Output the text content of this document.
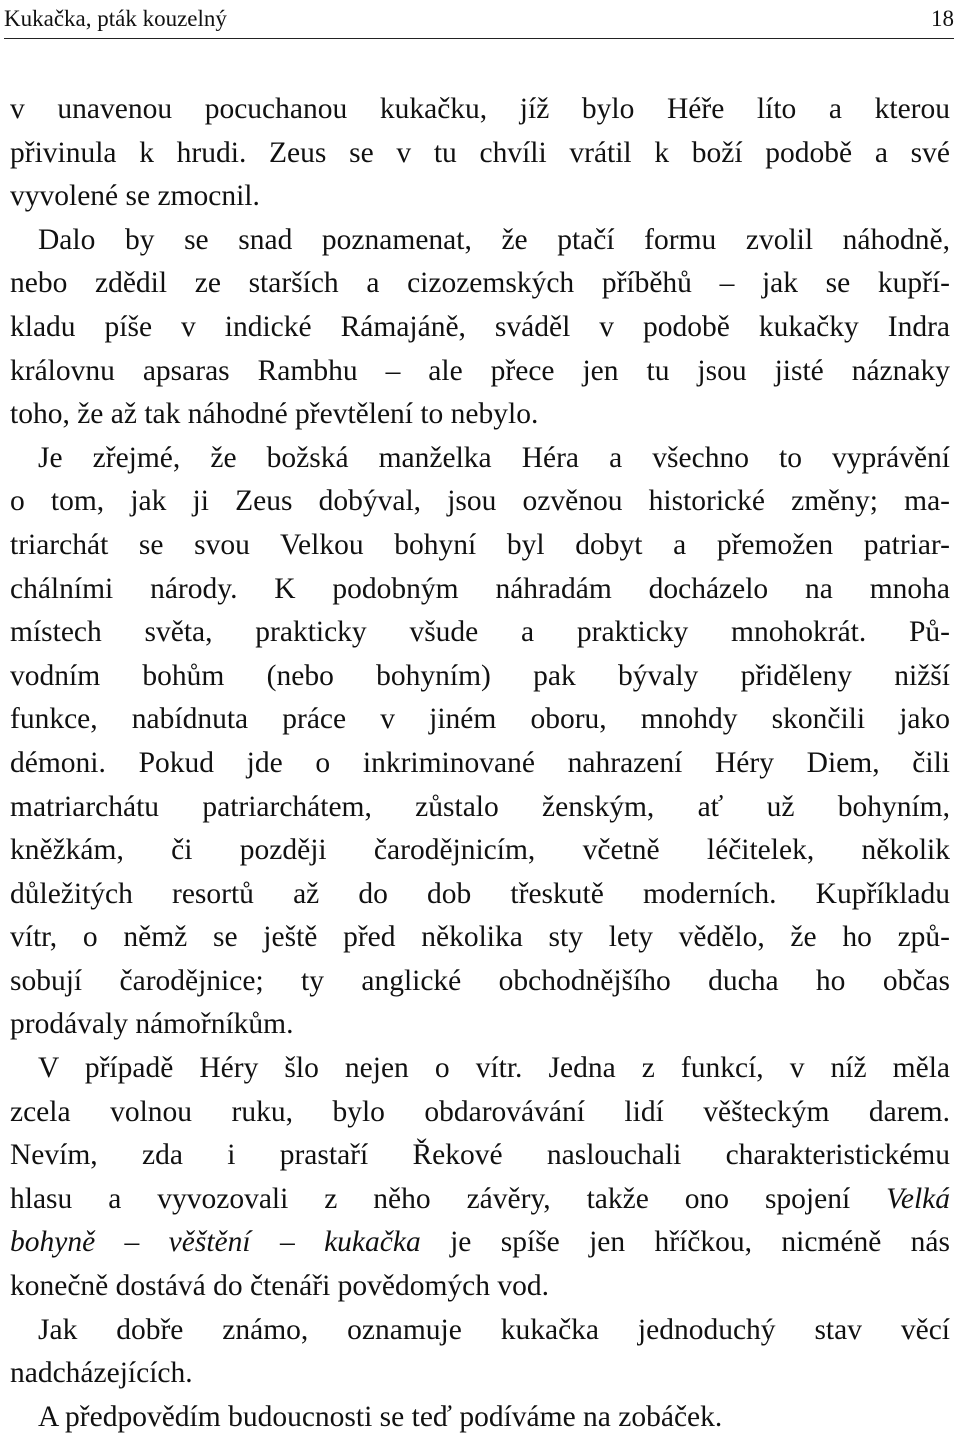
Kukačka, pták kouzelný	18
v unavenou pocuchanou kukačku, jíž bylo Héře líto a kterou
přivinula k hrudi. Zeus se v tu chvíli vrátil k boží podobě a své
vyvolené se zmocnil.
Dalo by se snad poznamenat, že ptačí formu zvolil náhodně,
nebo zdědil ze starších a cizozemských příběhů – jak se kupří-
kladu píše v indické Rámajáně, sváděl v podobě kukačky Indra
královnu apsaras Rambhu – ale přece jen tu jsou jisté náznaky
toho, že až tak náhodné převtělení to nebylo.
Je zřejmé, že božská manželka Héra a všechno to vyprávění
o tom, jak ji Zeus dobýval, jsou ozvěnou historické změny; ma-
triarchát se svou Velkou bohyní byl dobyt a přemožen patriar-
chálními národy. K podobným náhradám docházelo na mnoha
místech světa, prakticky všude a prakticky mnohokrát. Pů-
vodním bohům (nebo bohyním) pak bývaly přiděleny nižší
funkce, nabídnuta práce v jiném oboru, mnohdy skončili jako
démoni. Pokud jde o inkriminované nahrazení Héry Diem, čili
matriarchátu patriarchátem, zůstalo ženským, ať už bohyním,
kněžkám, či později čarodějnicím, včetně léčitelek, několik
důležitých resortů až do dob třeskutě moderních. Kupříkladu
vítr, o němž se ještě před několika sty lety vědělo, že ho způ-
sobují čarodějnice; ty anglické obchodnějšího ducha ho občas
prodávaly námořníkům.
V případě Héry šlo nejen o vítr. Jedna z funkcí, v níž měla
zcela volnou ruku, bylo obdarovávání lidí věšteckým darem.
Nevím, zda i prastaří Řekové naslouchali charakteristickému
hlasu a vyvozovali z něho závěry, takže ono spojení Velká
bohyně – věštění – kukačka je spíše jen hříčkou, nicméně nás
konečně dostává do čtenáři povědomých vod.
Jak dobře známo, oznamuje kukačka jednoduchý stav věcí
nadcházejících.
A předpovědím budoucnosti se teď podíváme na zobáček.
